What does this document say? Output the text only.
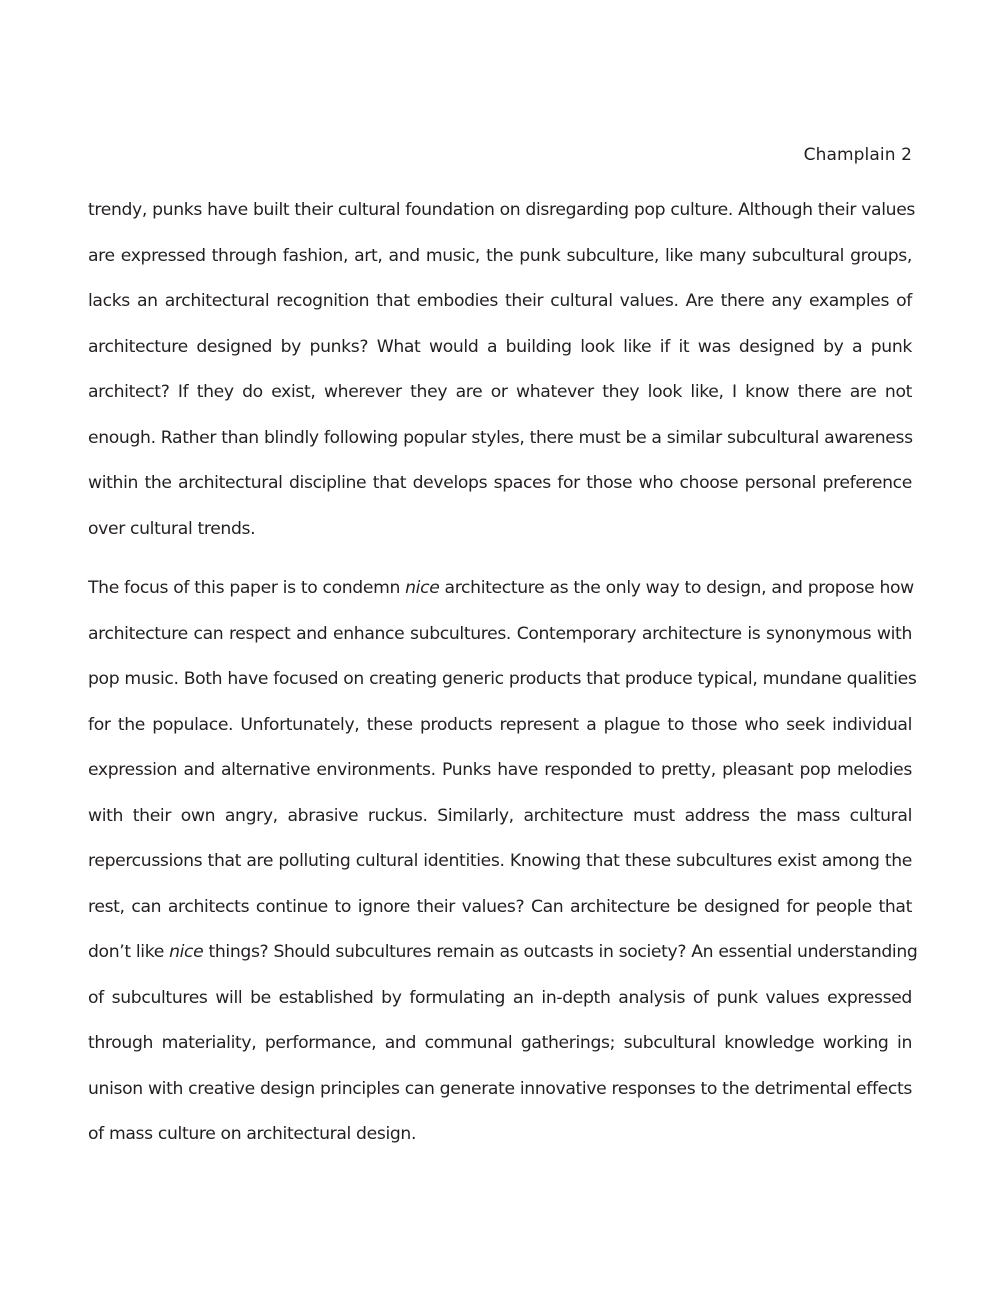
Champlain 2
trendy, punks have built their cultural foundation on disregarding pop culture. Although their values
are expressed through fashion, art, and music, the punk subculture, like many subcultural groups,
lacks an architectural recognition that embodies their cultural values. Are there any examples of
architecture designed by punks? What would a building look like if it was designed by a punk
architect? If they do exist, wherever they are or whatever they look like, I know there are not
enough. Rather than blindly following popular styles, there must be a similar subcultural awareness
within the architectural discipline that develops spaces for those who choose personal preference
over cultural trends.
The focus of this paper is to condemn nice architecture as the only way to design, and propose how
architecture can respect and enhance subcultures. Contemporary architecture is synonymous with
pop music. Both have focused on creating generic products that produce typical, mundane qualities
for the populace. Unfortunately, these products represent a plague to those who seek individual
expression and alternative environments. Punks have responded to pretty, pleasant pop melodies
with their own angry, abrasive ruckus. Similarly, architecture must address the mass cultural
repercussions that are polluting cultural identities. Knowing that these subcultures exist among the
rest, can architects continue to ignore their values? Can architecture be designed for people that
don’t like nice things? Should subcultures remain as outcasts in society? An essential understanding
of subcultures will be established by formulating an in-depth analysis of punk values expressed
through materiality, performance, and communal gatherings; subcultural knowledge working in
unison with creative design principles can generate innovative responses to the detrimental effects
of mass culture on architectural design.
